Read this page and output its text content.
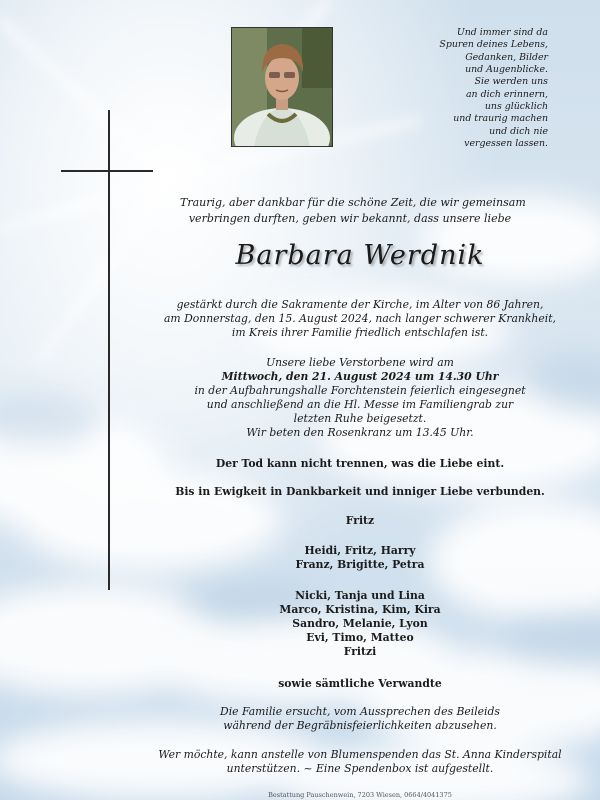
Und immer sind da
Spuren deines Lebens,
Gedanken, Bilder
und Augenblicke.
Sie werden uns
an dich erinnern,
uns glücklich
und traurig machen
und dich nie
vergessen lassen.
Traurig, aber dankbar für die schöne Zeit, die wir gemeinsam
verbringen durften, geben wir bekannt, dass unsere liebe
Barbara Werdnik
gestärkt durch die Sakramente der Kirche, im Alter von 86 Jahren,
am Donnerstag, den 15. August 2024, nach langer schwerer Krankheit,
im Kreis ihrer Familie friedlich entschlafen ist.
Unsere liebe Verstorbene wird am
Mittwoch, den 21. August 2024 um 14.30 Uhr
in der Aufbahrungshalle Forchtenstein feierlich eingesegnet
und anschließend an die Hl. Messe im Familiengrab zur
letzten Ruhe beigesetzt.
Wir beten den Rosenkranz um 13.45 Uhr.
Der Tod kann nicht trennen, was die Liebe eint.
Bis in Ewigkeit in Dankbarkeit und inniger Liebe verbunden.
Fritz
Heidi, Fritz, Harry
Franz, Brigitte, Petra
Nicki, Tanja und Lina
Marco, Kristina, Kim, Kira
Sandro, Melanie, Lyon
Evi, Timo, Matteo
Fritzi
sowie sämtliche Verwandte
Die Familie ersucht, vom Aussprechen des Beileids
während der Begräbnisfeierlichkeiten abzusehen.
Wer möchte, kann anstelle von Blumenspenden das St. Anna Kinderspital
unterstützen. ~ Eine Spendenbox ist aufgestellt.
Bestattung Pauschenwein, 7203 Wiesen, 0664/4041375
